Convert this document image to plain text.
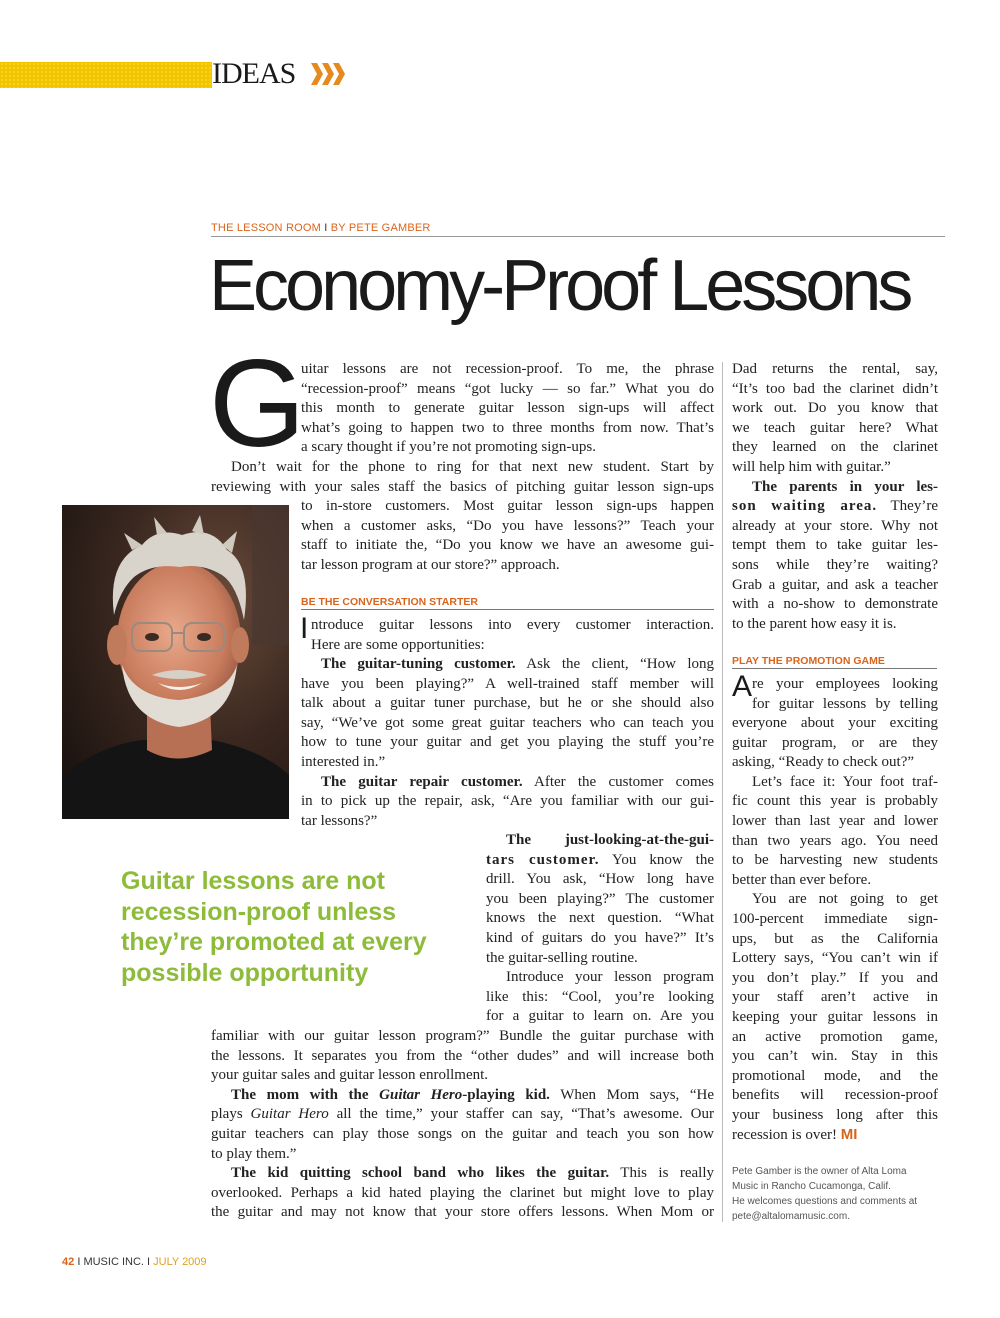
IDEAS
THE LESSON ROOM I BY PETE GAMBER
Economy-Proof Lessons
G
uitar lessons are not recession-proof. To me, the phrase
“recession-proof” means “got lucky — so far.” What you do
this month to generate guitar lesson sign-ups will affect
what’s going to happen two to three months from now. That’s
a scary thought if you’re not promoting sign-ups.
Don’t wait for the phone to ring for that next new student. Start by
reviewing with your sales staff the basics of pitching guitar lesson sign-ups
to in-store customers. Most guitar lesson sign-ups happen
when a customer asks, “Do you have lessons?” Teach your
staff to initiate the, “Do you know we have an awesome gui-
tar lesson program at our store?” approach.
BE THE CONVERSATION STARTER
I ntroduce guitar lessons into every customer interaction.
Here are some opportunities:
The guitar-tuning customer. Ask the client, “How long
have you been playing?” A well-trained staff member will
talk about a guitar tuner purchase, but he or she should also
say, “We’ve got some great guitar teachers who can teach you
how to tune your guitar and get you playing the stuff you’re
interested in.”
The guitar repair customer. After the customer comes
in to pick up the repair, ask, “Are you familiar with our gui-
tar lessons?”
The just-looking-at-the-gui-
tars customer. You know the
drill. You ask, “How long have
you been playing?” The customer
knows the next question. “What
kind of guitars do you have?” It’s
the guitar-selling routine.
Introduce your lesson program
like this: “Cool, you’re looking
for a guitar to learn on. Are you
familiar with our guitar lesson program?” Bundle the guitar purchase with
the lessons. It separates you from the “other dudes” and will increase both
your guitar sales and guitar lesson enrollment.
The mom with the Guitar Hero-playing kid. When Mom says, “He
plays Guitar Hero all the time,” your staffer can say, “That’s awesome. Our
guitar teachers can play those songs on the guitar and teach you son how
to play them.”
The kid quitting school band who likes the guitar. This is really
overlooked. Perhaps a kid hated playing the clarinet but might love to play
the guitar and may not know that your store offers lessons. When Mom or
Guitar lessons are not recession-proof unless they’re promoted at every possible opportunity
Dad returns the rental, say,
“It’s too bad the clarinet didn’t
work out. Do you know that
we teach guitar here? What
they learned on the clarinet
will help him with guitar.”
The parents in your les-
son waiting area. They’re
already at your store. Why not
tempt them to take guitar les-
sons while they’re waiting?
Grab a guitar, and ask a teacher
with a no-show to demonstrate
to the parent how easy it is.
PLAY THE PROMOTION GAME
A re your employees looking
for guitar lessons by telling
everyone about your exciting
guitar program, or are they
asking, “Ready to check out?”
Let’s face it: Your foot traf-
fic count this year is probably
lower than last year and lower
than two years ago. You need
to be harvesting new students
better than ever before.
You are not going to get
100-percent immediate sign-
ups, but as the California
Lottery says, “You can’t win if
you don’t play.” If you and
your staff aren’t active in
keeping your guitar lessons in
an active promotion game,
you can’t win. Stay in this
promotional mode, and the
benefits will recession-proof
your business long after this
recession is over! MI
Pete Gamber is the owner of Alta Loma
Music in Rancho Cucamonga, Calif.
He welcomes questions and comments at
pete@altalomamusic.com.
42 I MUSIC INC. I JULY 2009
